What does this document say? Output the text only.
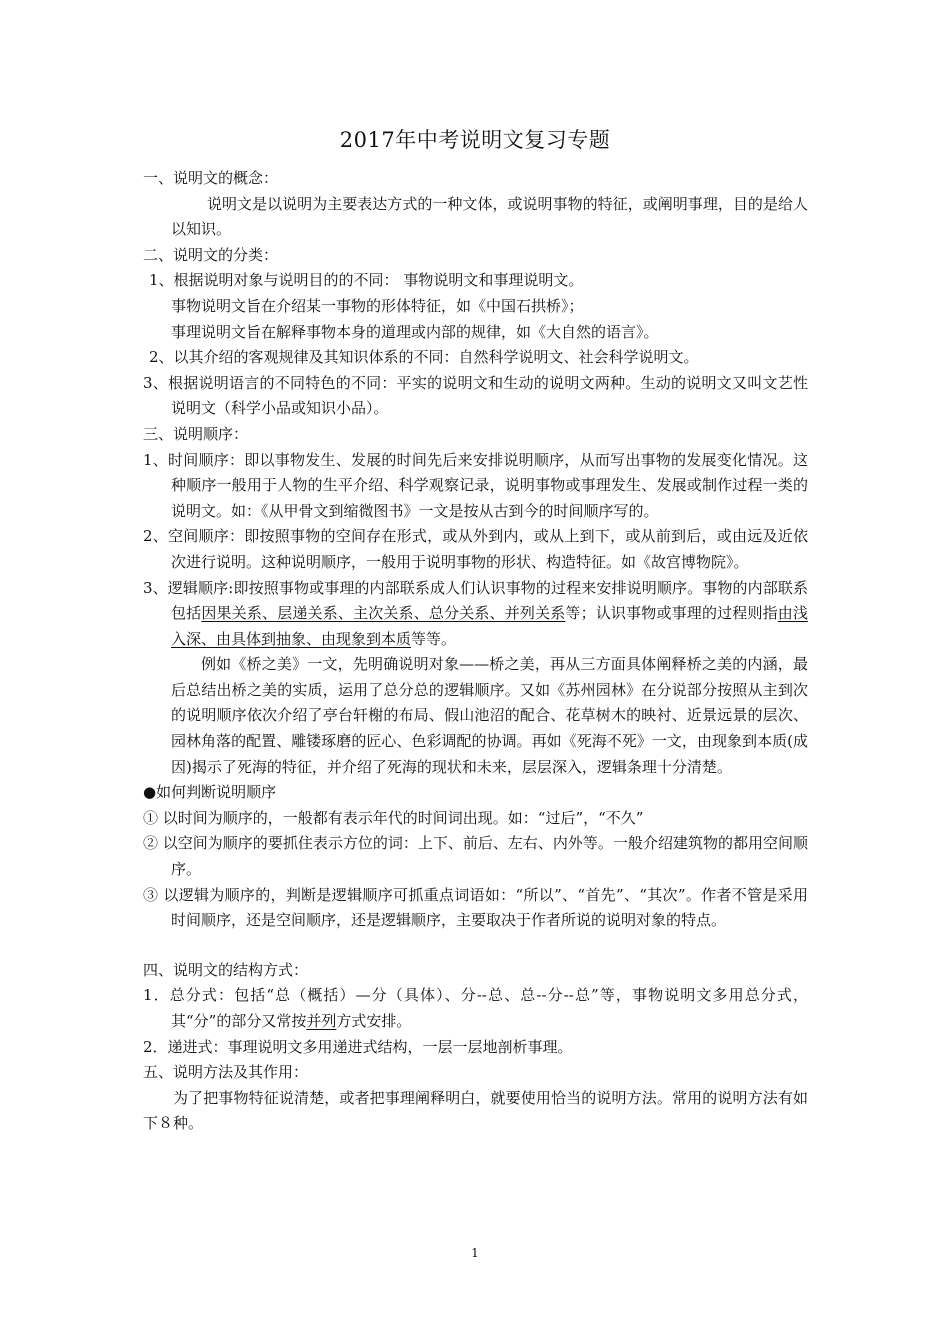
2017年中考说明文复习专题
一、说明文的概念：
说明文是以说明为主要表达方式的一种文体，或说明事物的特征，或阐明事理，目的是给人以知识。
二、说明文的分类：
1、根据说明对象与说明目的的不同： 事物说明文和事理说明文。
事物说明文旨在介绍某一事物的形体特征，如《中国石拱桥》；
事理说明文旨在解释事物本身的道理或内部的规律，如《大自然的语言》。
2、以其介绍的客观规律及其知识体系的不同：自然科学说明文、社会科学说明文。
3、根据说明语言的不同特色的不同：平实的说明文和生动的说明文两种。生动的说明文又叫文艺性说明文（科学小品或知识小品）。
三、说明顺序：
1、时间顺序：即以事物发生、发展的时间先后来安排说明顺序，从而写出事物的发展变化情况。这种顺序一般用于人物的生平介绍、科学观察记录，说明事物或事理发生、发展或制作过程一类的说明文。如：《从甲骨文到缩微图书》一文是按从古到今的时间顺序写的。
2、空间顺序：即按照事物的空间存在形式，或从外到内，或从上到下，或从前到后，或由远及近依次进行说明。这种说明顺序，一般用于说明事物的形状、构造特征。如《故宫博物院》。
3、逻辑顺序:即按照事物或事理的内部联系成人们认识事物的过程来安排说明顺序。事物的内部联系包括因果关系、层递关系、主次关系、总分关系、并列关系等；认识事物或事理的过程则指由浅入深、由具体到抽象、由现象到本质等等。
例如《桥之美》一文，先明确说明对象——桥之美，再从三方面具体阐释桥之美的内涵，最后总结出桥之美的实质，运用了总分总的逻辑顺序。又如《苏州园林》在分说部分按照从主到次的说明顺序依次介绍了亭台轩榭的布局、假山池沼的配合、花草树木的映衬、近景远景的层次、园林角落的配置、雕镂琢磨的匠心、色彩调配的协调。再如《死海不死》一文，由现象到本质(成因)揭示了死海的特征，并介绍了死海的现状和未来，层层深入，逻辑条理十分清楚。
●如何判断说明顺序
① 以时间为顺序的，一般都有表示年代的时间词出现。如：“过后”，“不久”
② 以空间为顺序的要抓住表示方位的词：上下、前后、左右、内外等。一般介绍建筑物的都用空间顺序。
③ 以逻辑为顺序的，判断是逻辑顺序可抓重点词语如：“所以”、“首先”、“其次”。作者不管是采用时间顺序，还是空间顺序，还是逻辑顺序，主要取决于作者所说的说明对象的特点。
四、说明文的结构方式：
1．总分式：包括“总（概括）—分（具体）、分--总、总--分--总”等，事物说明文多用总分式，其“分”的部分又常按并列方式安排。
2．递进式：事理说明文多用递进式结构，一层一层地剖析事理。
五、说明方法及其作用：
为了把事物特征说清楚，或者把事理阐释明白，就要使用恰当的说明方法。常用的说明方法有如下８种。
1
